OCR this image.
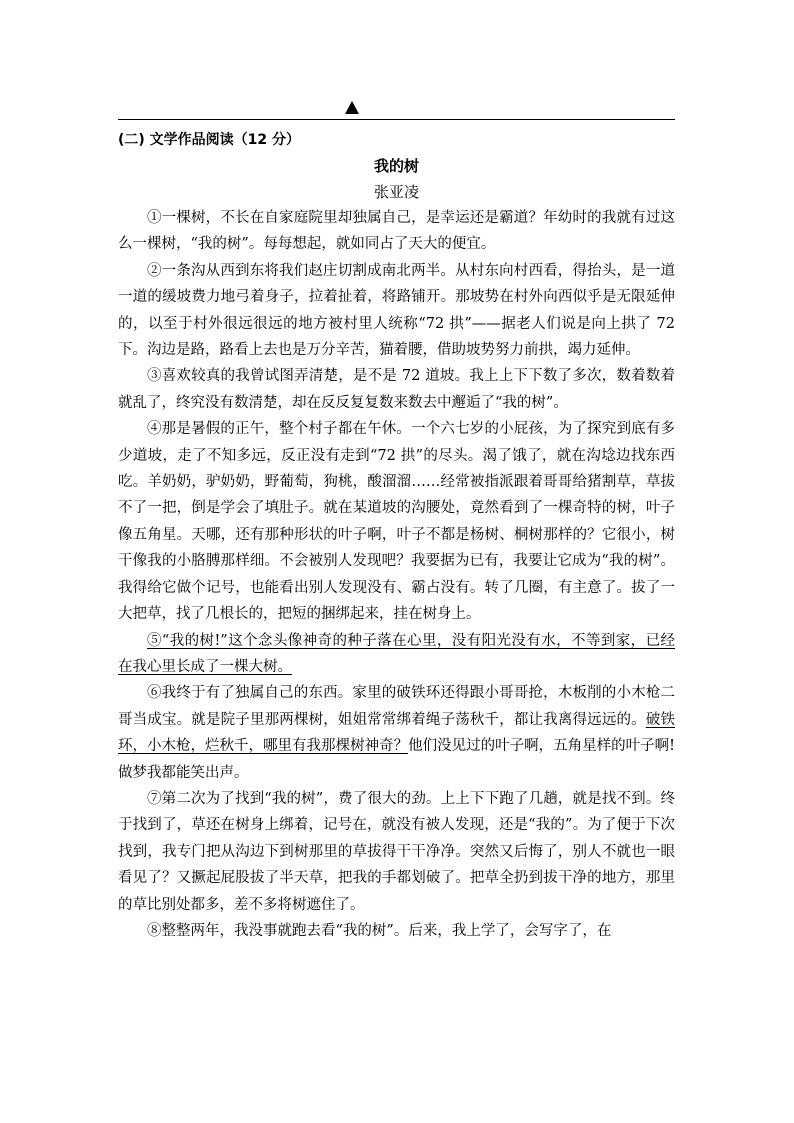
(二) 文学作品阅读（12 分）

我的树

张亚凌

①一棵树，不长在自家庭院里却独属自己，是幸运还是霸道？年幼时的我就有过这么一棵树，“我的树”。每每想起，就如同占了天大的便宜。

②一条沟从西到东将我们赵庄切割成南北两半。从村东向村西看，得抬头，是一道一道的缓坡费力地弓着身子，拉着扯着，将路铺开。那坡势在村外向西似乎是无限延伸的，以至于村外很远很远的地方被村里人统称“72 拱”——据老人们说是向上拱了 72 下。沟边是路，路看上去也是万分辛苦，猫着腰，借助坡势努力前拱，竭力延伸。

③喜欢较真的我曾试图弄清楚，是不是 72 道坡。我上上下下数了多次，数着数着就乱了，终究没有数清楚，却在反反复复数来数去中邂逅了“我的树”。

④那是暑假的正午，整个村子都在午休。一个六七岁的小屁孩，为了探究到底有多少道坡，走了不知多远，反正没有走到“72 拱”的尽头。渴了饿了，就在沟埝边找东西吃。羊奶奶，驴奶奶，野葡萄，狗桃，酸溜溜……经常被指派跟着哥哥给猪割草，草拔不了一把，倒是学会了填肚子。就在某道坡的沟腰处，竟然看到了一棵奇特的树，叶子像五角星。天哪，还有那种形状的叶子啊，叶子不都是杨树、桐树那样的？它很小，树干像我的小胳膊那样细。不会被别人发现吧？我要据为已有，我要让它成为“我的树”。我得给它做个记号，也能看出别人发现没有、霸占没有。转了几圈，有主意了。拔了一大把草，找了几根长的，把短的捆绑起来，挂在树身上。

⑤“我的树!”这个念头像神奇的种子落在心里，没有阳光没有水，不等到家，已经在我心里长成了一棵大树。

⑥我终于有了独属自己的东西。家里的破铁环还得跟小哥哥抢，木板削的小木枪二哥当成宝。就是院子里那两棵树，姐姐常常绑着绳子荡秋千，都让我离得远远的。破铁环，小木枪，烂秋千，哪里有我那棵树神奇？他们没见过的叶子啊，五角星样的叶子啊!做梦我都能笑出声。

⑦第二次为了找到“我的树”，费了很大的劲。上上下下跑了几趟，就是找不到。终于找到了，草还在树身上绑着，记号在，就没有被人发现，还是“我的”。为了便于下次找到，我专门把从沟边下到树那里的草拔得干干净净。突然又后悔了，别人不就也一眼看见了？又撅起屁股拔了半天草，把我的手都划破了。把草全扔到拔干净的地方，那里的草比别处都多，差不多将树遮住了。

⑧整整两年，我没事就跑去看“我的树”。后来，我上学了，会写字了，在
